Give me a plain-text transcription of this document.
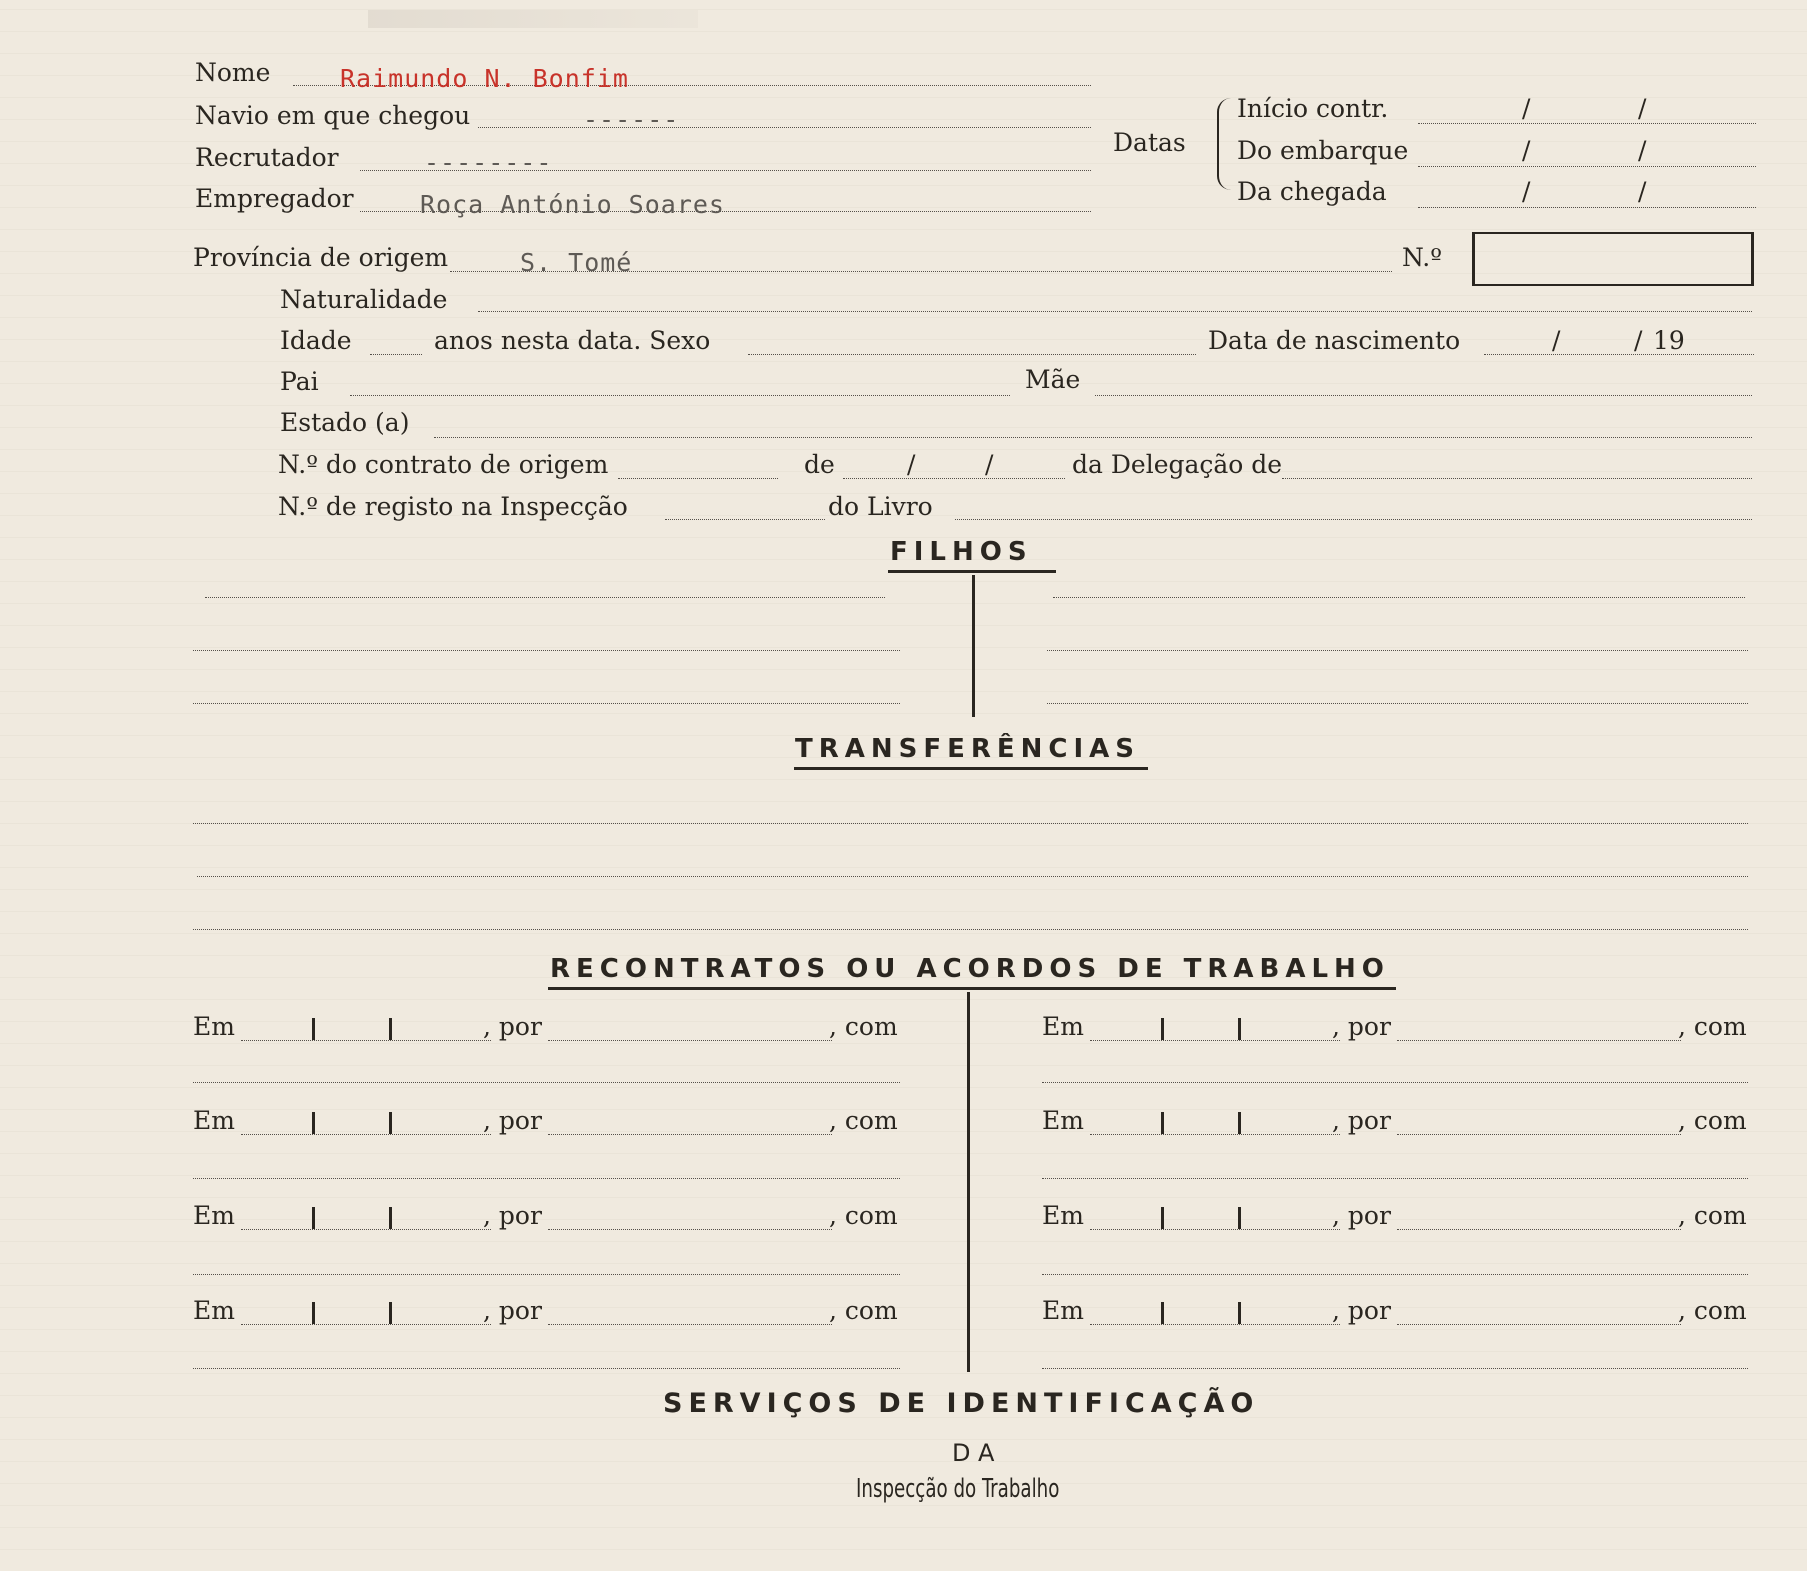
Nome	Raimundo N. Bonfim
Navio em que chegou	------
Recrutador	--------
Empregador	Roça António Soares
Datas
Início contr.	/	/
Do embarque	/	/
Da chegada	/	/
Província de origem	S. Tomé	N.º
Naturalidade
Idade	anos nesta data. Sexo	Data de nascimento	/	/ 19
Pai	Mãe
Estado (a)
N.º do contrato de origem	de	/	/	da Delegação de
N.º de registo na Inspecção	do Livro
FILHOS
TRANSFERÊNCIAS
RECONTRATOS OU ACORDOS DE TRABALHO
Em	, por	, com
Em	, por	, com
Em	, por	, com
Em	, por	, com
Em	, por	, com
Em	, por	, com
Em	, por	, com
Em	, por	, com
SERVIÇOS DE IDENTIFICAÇÃO
DA
Inspecção do Trabalho
